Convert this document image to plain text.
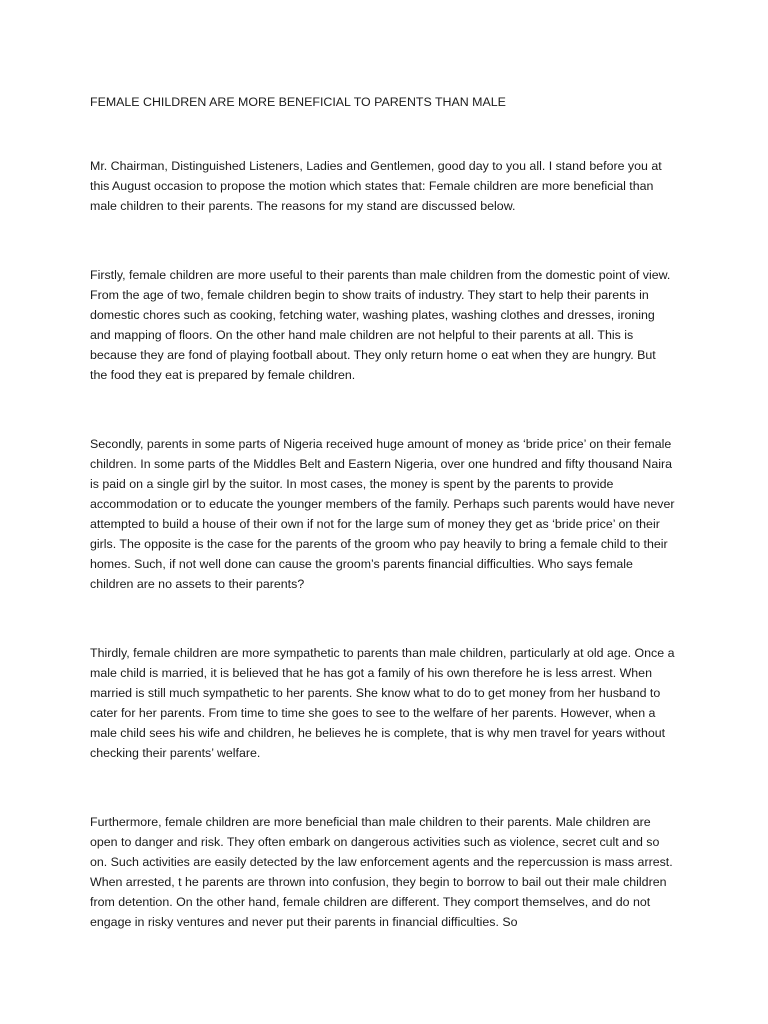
FEMALE CHILDREN ARE MORE BENEFICIAL TO PARENTS THAN MALE

Mr. Chairman, Distinguished Listeners, Ladies and Gentlemen, good day to you all. I stand before you at this August occasion to propose the motion which states that: Female children are more beneficial than male children to their parents. The reasons for my stand are discussed below.

Firstly, female children are more useful to their parents than male children from the domestic point of view. From the age of two, female children begin to show traits of industry. They start to help their parents in domestic chores such as cooking, fetching water, washing plates, washing clothes and dresses, ironing and mapping of floors. On the other hand male children are not helpful to their parents at all. This is because they are fond of playing football about. They only return home o eat when they are hungry. But the food they eat is prepared by female children.

Secondly, parents in some parts of Nigeria received huge amount of money as ‘bride price’ on their female children. In some parts of the Middles Belt and Eastern Nigeria, over one hundred and fifty thousand Naira is paid on a single girl by the suitor. In most cases, the money is spent by the parents to provide accommodation or to educate the younger members of the family. Perhaps such parents would have never attempted to build a house of their own if not for the large sum of money they get as ‘bride price’ on their girls. The opposite is the case for the parents of the groom who pay heavily to bring a female child to their homes. Such, if not well done can cause the groom’s parents financial difficulties. Who says female children are no assets to their parents?

Thirdly, female children are more sympathetic to parents than male children, particularly at old age. Once a male child is married, it is believed that he has got a family of his own therefore he is less arrest. When married is still much sympathetic to her parents. She know what to do to get money from her husband to cater for her parents. From time to time she goes to see to the welfare of her parents. However, when a male child sees his wife and children, he believes he is complete, that is why men travel for years without checking their parents’ welfare.

Furthermore, female children are more beneficial than male children to their parents. Male children are open to danger and risk. They often embark on dangerous activities such as violence, secret cult and so on. Such activities are easily detected by the law enforcement agents and the repercussion is mass arrest. When arrested, t he parents are thrown into confusion, they begin to borrow to bail out their male children from detention. On the other hand, female children are different. They comport themselves, and do not engage in risky ventures and never put their parents in financial difficulties. So
